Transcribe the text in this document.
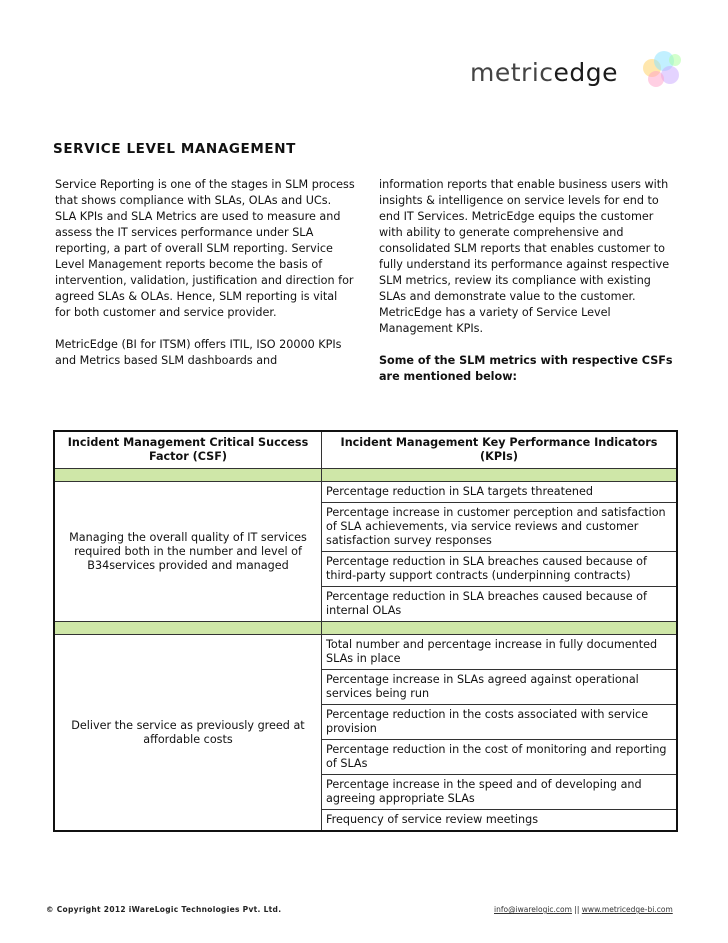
metricedge
SERVICE LEVEL MANAGEMENT

Service Reporting is one of the stages in SLM process that shows compliance with SLAs, OLAs and UCs. SLA KPIs and SLA Metrics are used to measure and assess the IT services performance under SLA reporting, a part of overall SLM reporting. Service Level Management reports become the basis of intervention, validation, justification and direction for agreed SLAs & OLAs. Hence, SLM reporting is vital for both customer and service provider.

MetricEdge (BI for ITSM) offers ITIL, ISO 20000 KPIs and Metrics based SLM dashboards and

information reports that enable business users with insights & intelligence on service levels for end to end IT Services. MetricEdge equips the customer with ability to generate comprehensive and consolidated SLM reports that enables customer to fully understand its performance against respective SLM metrics, review its compliance with existing SLAs and demonstrate value to the customer. MetricEdge has a variety of Service Level Management KPIs.

Some of the SLM metrics with respective CSFs are mentioned below:

Incident Management Critical Success Factor (CSF)	Incident Management Key Performance Indicators (KPIs)

Managing the overall quality of IT services required both in the number and level of B34services provided and managed	Percentage reduction in SLA targets threatened
	Percentage increase in customer perception and satisfaction of SLA achievements, via service reviews and customer satisfaction survey responses
	Percentage reduction in SLA breaches caused because of third-party support contracts (underpinning contracts)
	Percentage reduction in SLA breaches caused because of internal OLAs

Deliver the service as previously greed at affordable costs	Total number and percentage increase in fully documented SLAs in place
	Percentage increase in SLAs agreed against operational services being run
	Percentage reduction in the costs associated with service provision
	Percentage reduction in the cost of monitoring and reporting of SLAs
	Percentage increase in the speed and of developing and agreeing appropriate SLAs
	Frequency of service review meetings
© Copyright 2012 iWareLogic Technologies Pvt. Ltd.	info@iwarelogic.com || www.metricedge-bi.com
